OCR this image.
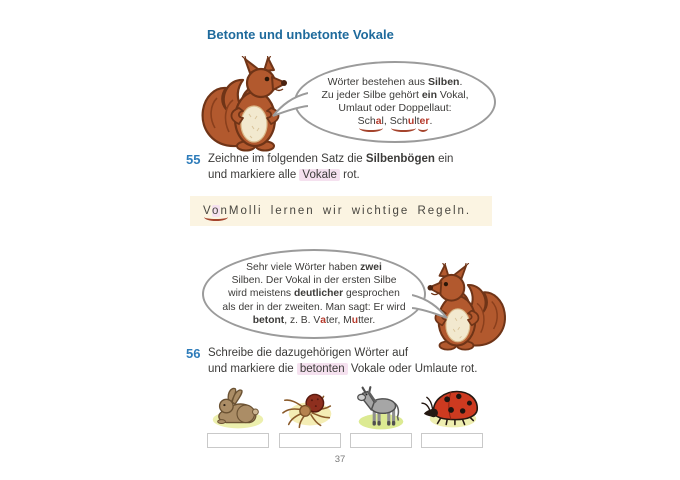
Betonte und unbetonte Vokale
Wörter bestehen aus Silben.
Zu jeder Silbe gehört ein Vokal,
Umlaut oder Doppellaut:
Schal, Schulter.
55 Zeichne im folgenden Satz die Silbenbögen ein
und markiere alle Vokale rot.
Von Molli lernen wir wichtige Regeln.
Sehr viele Wörter haben zwei
Silben. Der Vokal in der ersten Silbe
wird meistens deutlicher gesprochen
als der in der zweiten. Man sagt: Er wird
betont, z. B. Vater, Mutter.
56 Schreibe die dazugehörigen Wörter auf
und markiere die betonten Vokale oder Umlaute rot.
37
